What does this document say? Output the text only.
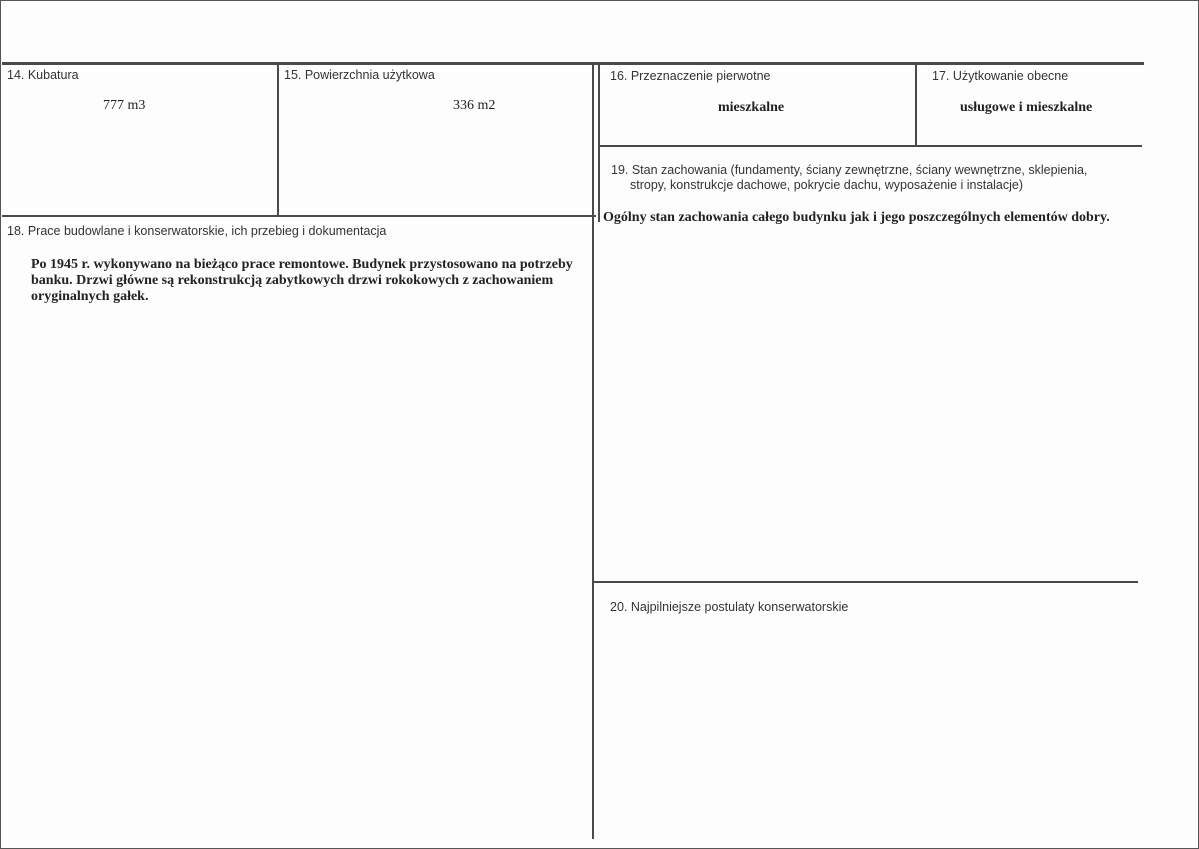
14. Kubatura
777 m3
15. Powierzchnia użytkowa
336 m2
16. Przeznaczenie pierwotne
mieszkalne
17. Użytkowanie obecne
usługowe i mieszkalne
18. Prace budowlane i konserwatorskie, ich przebieg i dokumentacja
Po 1945 r. wykonywano na bieżąco prace remontowe. Budynek przystosowano na potrzeby
banku. Drzwi główne są rekonstrukcją zabytkowych drzwi rokokowych z zachowaniem
oryginalnych gałek.
19. Stan zachowania (fundamenty, ściany zewnętrzne, ściany wewnętrzne, sklepienia,
stropy, konstrukcje dachowe, pokrycie dachu, wyposażenie i instalacje)
Ogólny stan zachowania całego budynku jak i jego poszczególnych elementów dobry.
20. Najpilniejsze postulaty konserwatorskie
